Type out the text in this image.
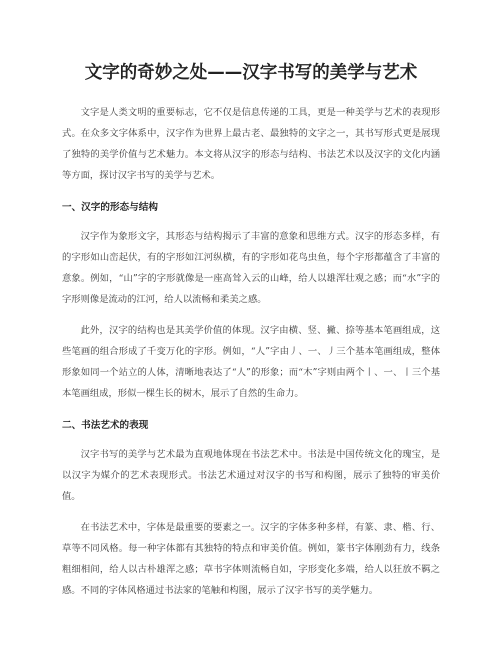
文字的奇妙之处——汉字书写的美学与艺术

文字是人类文明的重要标志，它不仅是信息传递的工具，更是一种美学与艺术的表现形式。在众多文字体系中，汉字作为世界上最古老、最独特的文字之一，其书写形式更是展现了独特的美学价值与艺术魅力。本文将从汉字的形态与结构、书法艺术以及汉字的文化内涵等方面，探讨汉字书写的美学与艺术。

一、汉字的形态与结构

汉字作为象形文字，其形态与结构揭示了丰富的意象和思维方式。汉字的形态多样，有的字形如山峦起伏，有的字形如江河纵横，有的字形如花鸟虫鱼，每个字形都蕴含了丰富的意象。例如，“山”字的字形就像是一座高耸入云的山峰，给人以雄浑壮观之感；而“水”字的字形则像是流动的江河，给人以流畅和柔美之感。

此外，汉字的结构也是其美学价值的体现。汉字由横、竖、撇、捺等基本笔画组成，这些笔画的组合形成了千变万化的字形。例如，“人”字由丿、一、丿三个基本笔画组成，整体形象如同一个站立的人体，清晰地表达了“人”的形象；而“木”字则由两个丨、一、丨三个基本笔画组成，形似一棵生长的树木，展示了自然的生命力。

二、书法艺术的表现

汉字书写的美学与艺术最为直观地体现在书法艺术中。书法是中国传统文化的瑰宝，是以汉字为媒介的艺术表现形式。书法艺术通过对汉字的书写和构图，展示了独特的审美价值。

在书法艺术中，字体是最重要的要素之一。汉字的字体多种多样，有篆、隶、楷、行、草等不同风格。每一种字体都有其独特的特点和审美价值。例如，篆书字体刚劲有力，线条粗细相间，给人以古朴雄浑之感；草书字体则流畅自如，字形变化多端，给人以狂放不羁之感。不同的字体风格通过书法家的笔触和构图，展示了汉字书写的美学魅力。
